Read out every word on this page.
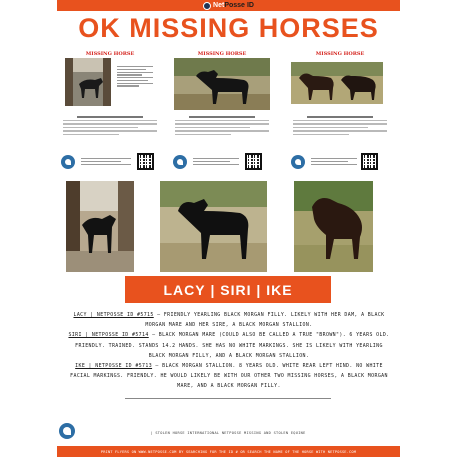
Net Posse ID
OK MISSING HORSES
MISSING HORSE	MISSING HORSE	MISSING HORSE
LACY | SIRI | IKE

LACY | NETPOSSE ID #5715 – FRIENDLY YEARLING BLACK MORGAN FILLY. LIKELY WITH HER DAM, A BLACK MORGAN MARE AND HER SIRE, A BLACK MORGAN STALLION.

SIRI | NETPOSSE ID #5714 – BLACK MORGAN MARE (COULD ALSO BE CALLED A TRUE "BROWN"). 6 YEARS OLD. FRIENDLY. TRAINED. STANDS 14.2 HANDS. SHE HAS NO WHITE MARKINGS. SHE IS LIKELY WITH YEARLING BLACK MORGAN FILLY, AND A BLACK MORGAN STALLION.

IKE | NETPOSSE ID #5713 – BLACK MORGAN STALLION. 8 YEARS OLD. WHITE REAR LEFT HIND. NO WHITE FACIAL MARKINGS. FRIENDLY. HE WOULD LIKELY BE WITH OUR OTHER TWO MISSING HORSES, A BLACK MORGAN MARE, AND A BLACK MORGAN FILLY.

| STOLEN HORSE INTERNATIONAL NETPOSSE MISSING AND STOLEN EQUINE
PRINT FLYERS ON WWW.NETPOSSE.COM BY SEARCHING FOR THE ID # OR SEARCH THE NAME OF THE HORSE WITH NETPOSSE.COM
